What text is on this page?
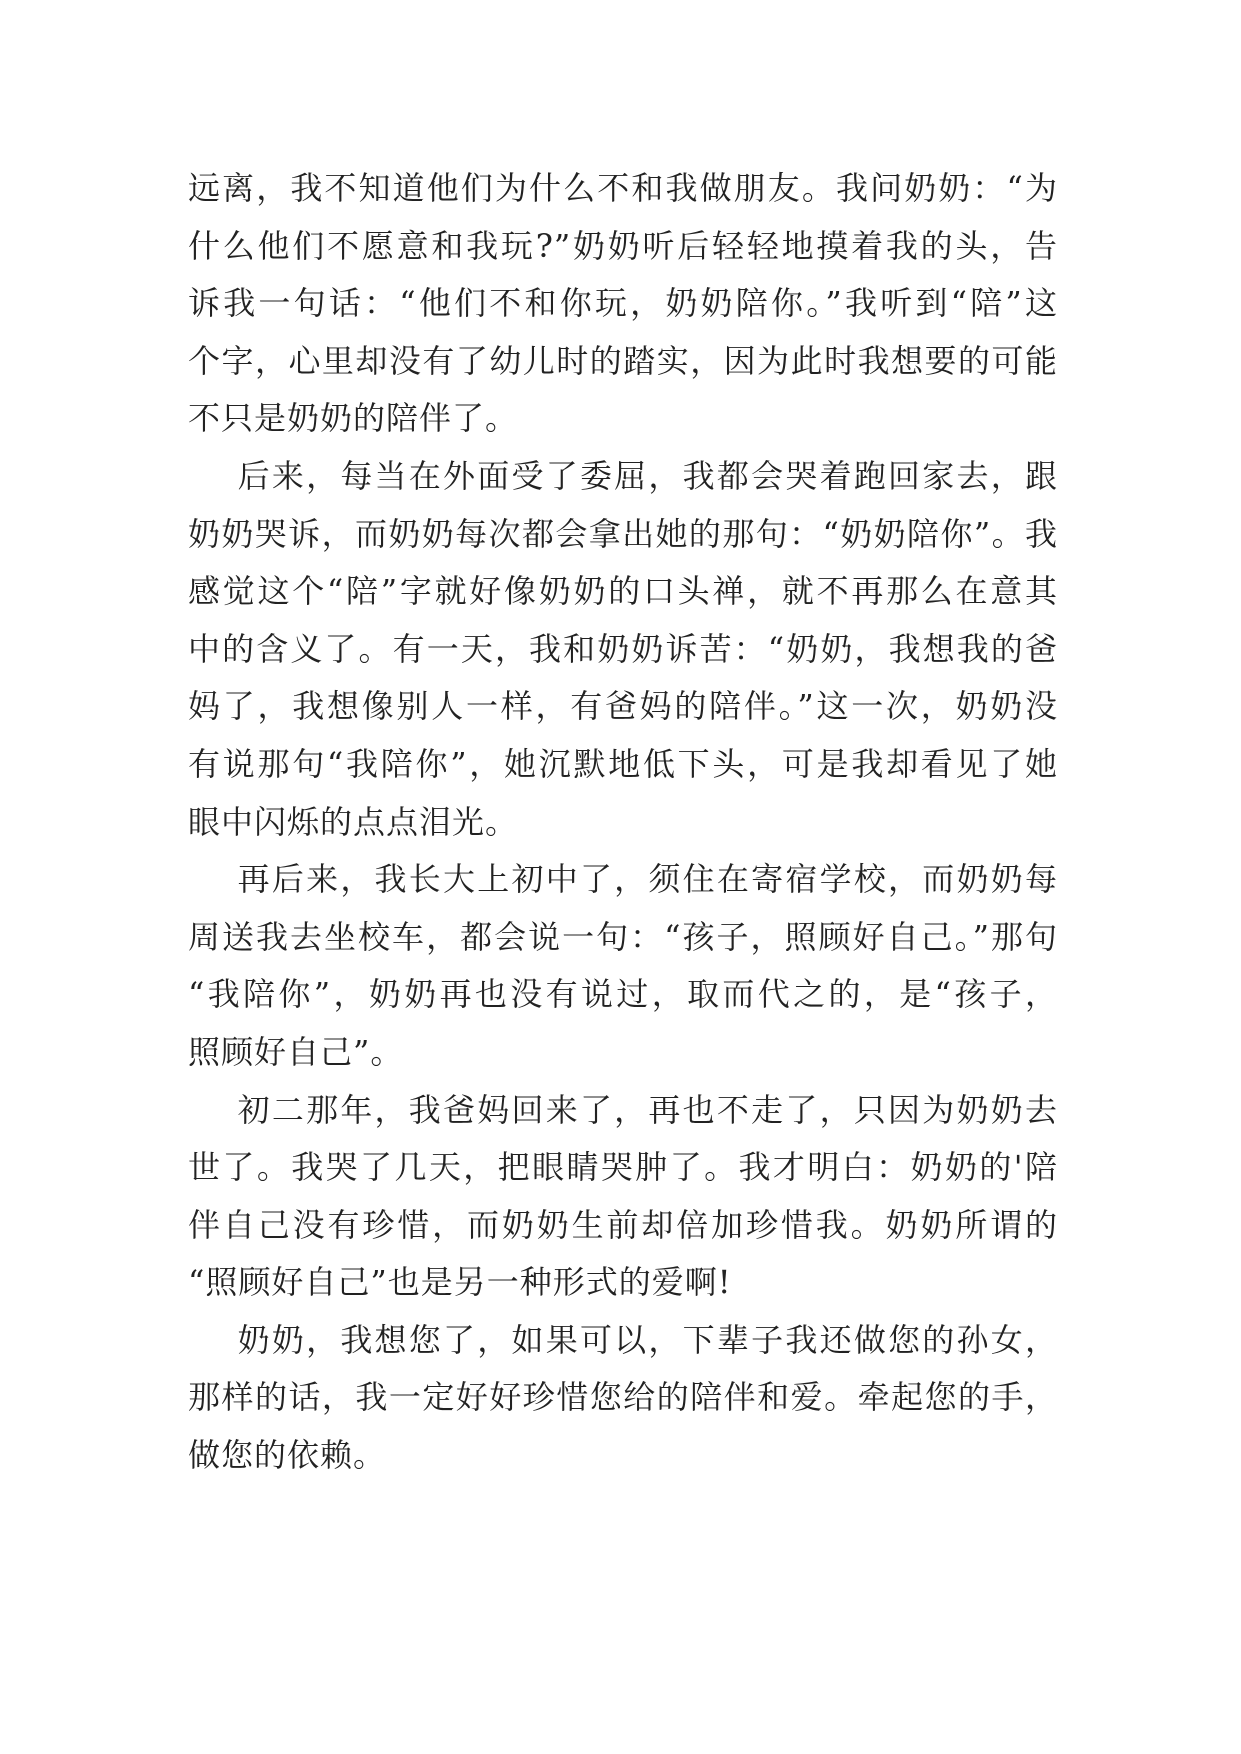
远离，我不知道他们为什么不和我做朋友。我问奶奶：“为
什么他们不愿意和我玩?”奶奶听后轻轻地摸着我的头，告
诉我一句话：“他们不和你玩，奶奶陪你。”我听到“陪”这
个字，心里却没有了幼儿时的踏实，因为此时我想要的可能
不只是奶奶的陪伴了。
后来，每当在外面受了委屈，我都会哭着跑回家去，跟
奶奶哭诉，而奶奶每次都会拿出她的那句：“奶奶陪你”。我
感觉这个“陪”字就好像奶奶的口头禅，就不再那么在意其
中的含义了。有一天，我和奶奶诉苦：“奶奶，我想我的爸
妈了，我想像别人一样，有爸妈的陪伴。”这一次，奶奶没
有说那句“我陪你”，她沉默地低下头，可是我却看见了她
眼中闪烁的点点泪光。
再后来，我长大上初中了，须住在寄宿学校，而奶奶每
周送我去坐校车，都会说一句：“孩子，照顾好自己。”那句
“我陪你”，奶奶再也没有说过，取而代之的，是“孩子，
照顾好自己”。
初二那年，我爸妈回来了，再也不走了，只因为奶奶去
世了。我哭了几天，把眼睛哭肿了。我才明白：奶奶的'陪
伴自己没有珍惜，而奶奶生前却倍加珍惜我。奶奶所谓的
“照顾好自己”也是另一种形式的爱啊!
奶奶，我想您了，如果可以，下辈子我还做您的孙女，
那样的话，我一定好好珍惜您给的陪伴和爱。牵起您的手，
做您的依赖。
